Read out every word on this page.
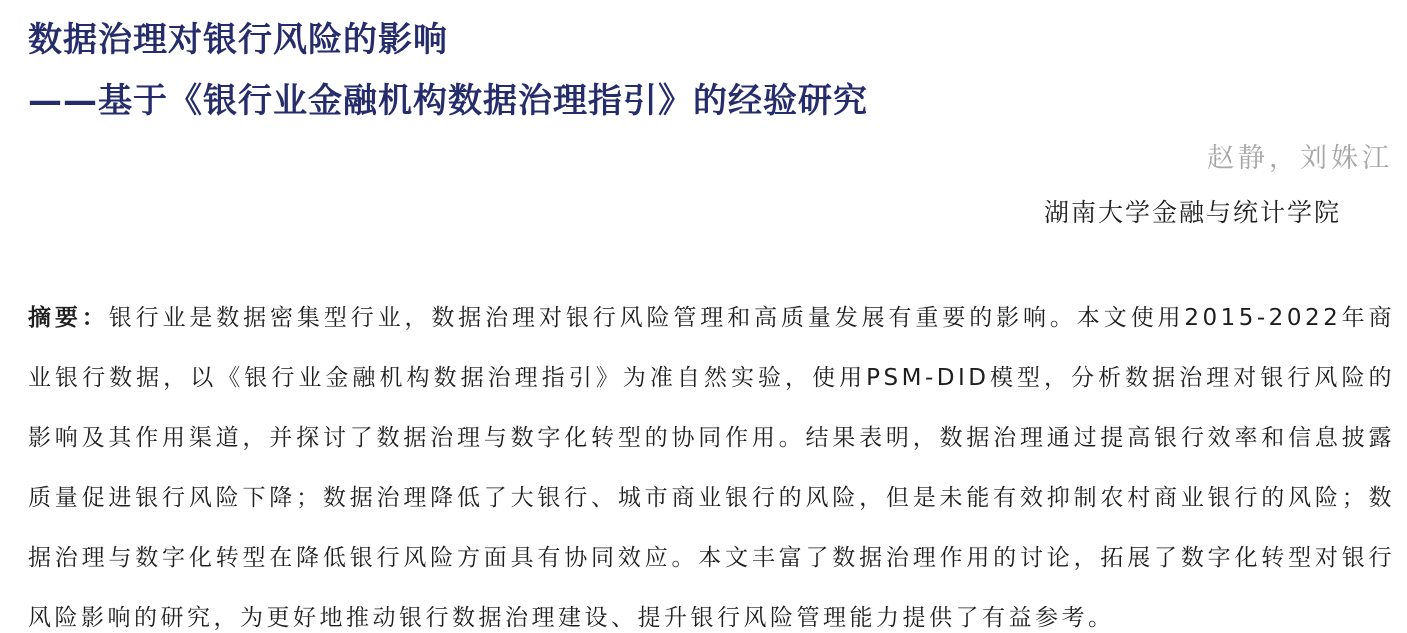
数据治理对银行风险的影响
——基于《银行业金融机构数据治理指引》的经验研究
赵静，刘姝江
湖南大学金融与统计学院

摘要：银行业是数据密集型行业，数据治理对银行风险管理和高质量发展有重要的影响。本文使用2015-2022年商业银行数据，以《银行业金融机构数据治理指引》为准自然实验，使用PSM-DID模型，分析数据治理对银行风险的影响及其作用渠道，并探讨了数据治理与数字化转型的协同作用。结果表明，数据治理通过提高银行效率和信息披露质量促进银行风险下降；数据治理降低了大银行、城市商业银行的风险，但是未能有效抑制农村商业银行的风险；数据治理与数字化转型在降低银行风险方面具有协同效应。本文丰富了数据治理作用的讨论，拓展了数字化转型对银行风险影响的研究，为更好地推动银行数据治理建设、提升银行风险管理能力提供了有益参考。
